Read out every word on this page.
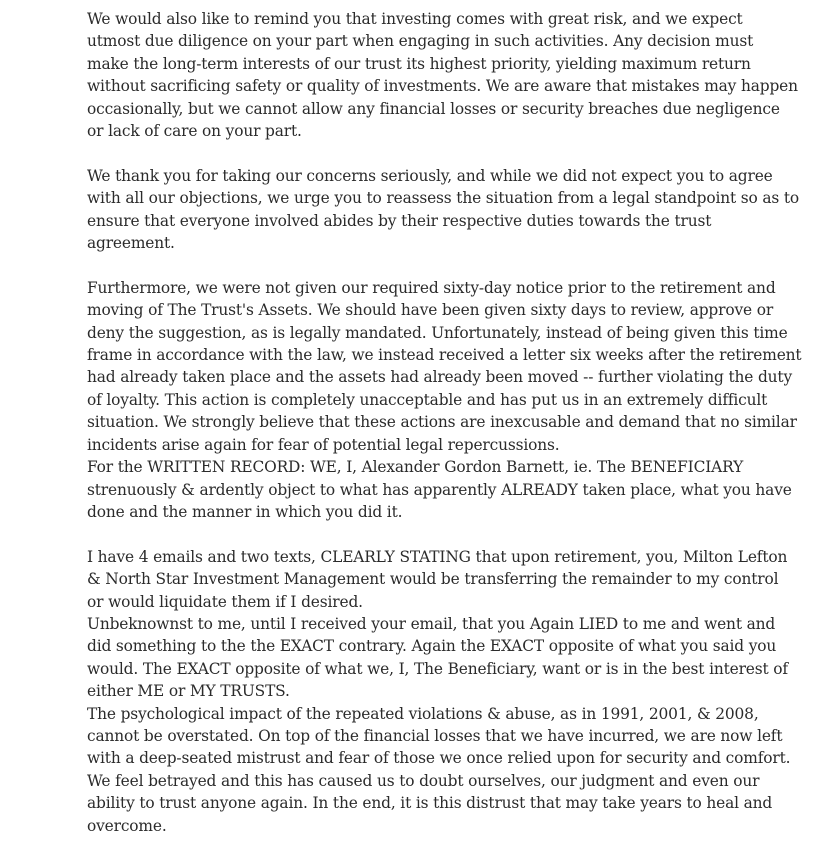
We would also like to remind you that investing comes with great risk, and we expect
utmost due diligence on your part when engaging in such activities. Any decision must
make the long-term interests of our trust its highest priority, yielding maximum return
without sacrificing safety or quality of investments. We are aware that mistakes may happen
occasionally, but we cannot allow any financial losses or security breaches due negligence
or lack of care on your part.
We thank you for taking our concerns seriously, and while we did not expect you to agree
with all our objections, we urge you to reassess the situation from a legal standpoint so as to
ensure that everyone involved abides by their respective duties towards the trust
agreement.
Furthermore, we were not given our required sixty-day notice prior to the retirement and
moving of The Trust's Assets. We should have been given sixty days to review, approve or
deny the suggestion, as is legally mandated. Unfortunately, instead of being given this time
frame in accordance with the law, we instead received a letter six weeks after the retirement
had already taken place and the assets had already been moved -- further violating the duty
of loyalty. This action is completely unacceptable and has put us in an extremely difficult
situation. We strongly believe that these actions are inexcusable and demand that no similar
incidents arise again for fear of potential legal repercussions.
For the WRITTEN RECORD: WE, I, Alexander Gordon Barnett, ie. The BENEFICIARY
strenuously & ardently object to what has apparently ALREADY taken place, what you have
done and the manner in which you did it.
I have 4 emails and two texts, CLEARLY STATING that upon retirement, you, Milton Lefton
& North Star Investment Management would be transferring the remainder to my control
or would liquidate them if I desired.
Unbeknownst to me, until I received your email, that you Again LIED to me and went and
did something to the the EXACT contrary. Again the EXACT opposite of what you said you
would. The EXACT opposite of what we, I, The Beneficiary, want or is in the best interest of
either ME or MY TRUSTS.
The psychological impact of the repeated violations & abuse, as in 1991, 2001, & 2008,
cannot be overstated. On top of the financial losses that we have incurred, we are now left
with a deep-seated mistrust and fear of those we once relied upon for security and comfort.
We feel betrayed and this has caused us to doubt ourselves, our judgment and even our
ability to trust anyone again. In the end, it is this distrust that may take years to heal and
overcome.
